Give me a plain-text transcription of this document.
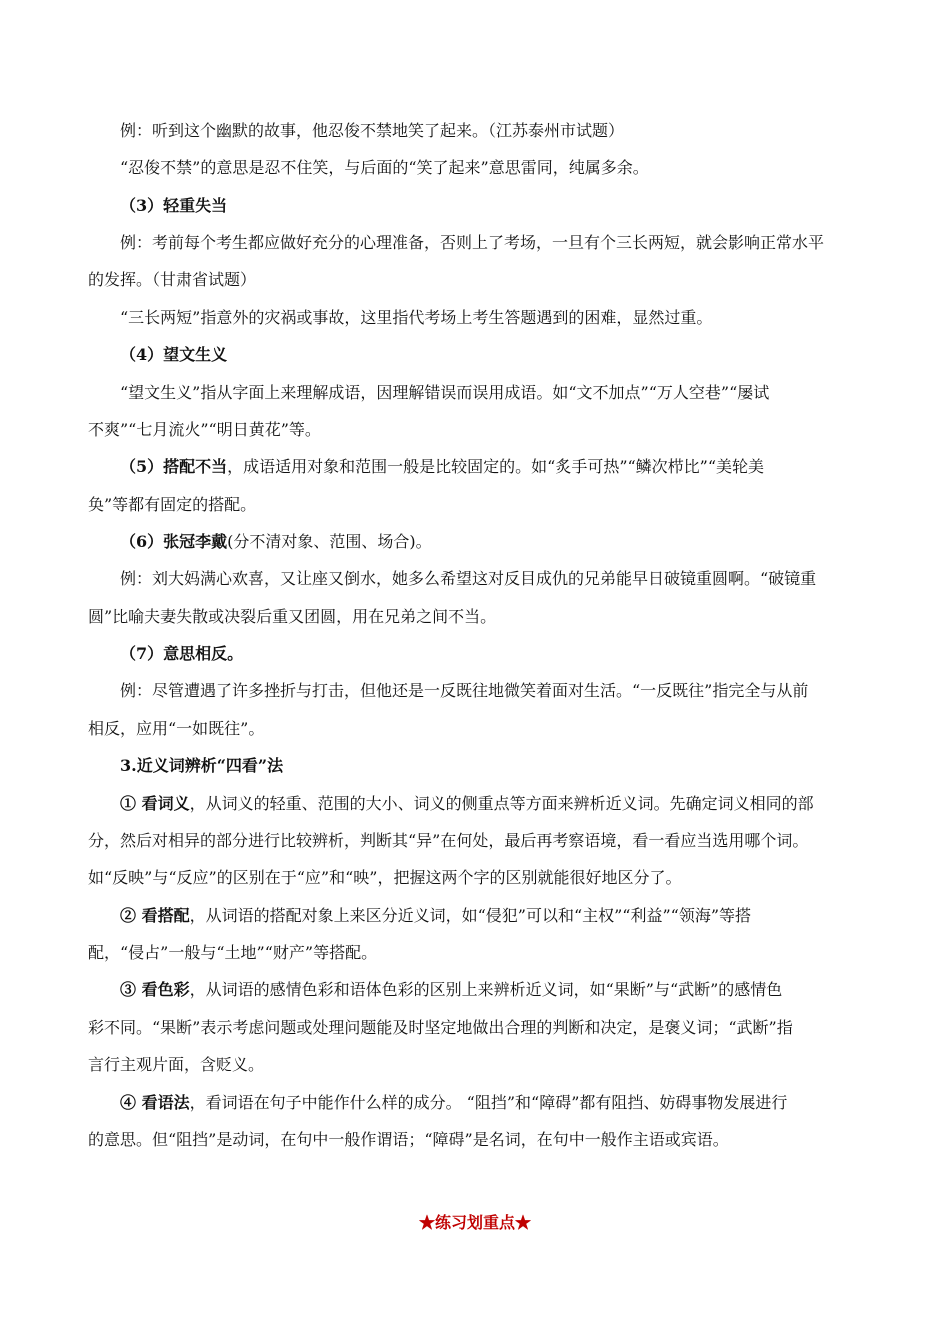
例：听到这个幽默的故事，他忍俊不禁地笑了起来。（江苏泰州市试题）

“忍俊不禁”的意思是忍不住笑，与后面的“笑了起来”意思雷同，纯属多余。

（3）轻重失当

例：考前每个考生都应做好充分的心理准备，否则上了考场，一旦有个三长两短，就会影响正常水平

的发挥。（甘肃省试题）

“三长两短”指意外的灾祸或事故，这里指代考场上考生答题遇到的困难，显然过重。

（4）望文生义

“望文生义”指从字面上来理解成语，因理解错误而误用成语。如“文不加点”“万人空巷”“屡试

不爽”“七月流火”“明日黄花”等。

（5）搭配不当，成语适用对象和范围一般是比较固定的。如“炙手可热”“鳞次栉比”“美轮美

奂”等都有固定的搭配。

（6）张冠李戴(分不清对象、范围、场合)。

例：刘大妈满心欢喜，又让座又倒水，她多么希望这对反目成仇的兄弟能早日破镜重圆啊。“破镜重

圆”比喻夫妻失散或决裂后重又团圆，用在兄弟之间不当。

（7）意思相反。

例：尽管遭遇了许多挫折与打击，但他还是一反既往地微笑着面对生活。“一反既往”指完全与从前

相反，应用“一如既往”。

3.近义词辨析“四看”法

① 看词义，从词义的轻重、范围的大小、词义的侧重点等方面来辨析近义词。先确定词义相同的部

分，然后对相异的部分进行比较辨析，判断其“异”在何处，最后再考察语境，看一看应当选用哪个词。

如“反映”与“反应”的区别在于“应”和“映”，把握这两个字的区别就能很好地区分了。

② 看搭配，从词语的搭配对象上来区分近义词，如“侵犯”可以和“主权”“利益”“领海”等搭

配，“侵占”一般与“土地”“财产”等搭配。

③ 看色彩，从词语的感情色彩和语体色彩的区别上来辨析近义词，如“果断”与“武断”的感情色

彩不同。“果断”表示考虑问题或处理问题能及时坚定地做出合理的判断和决定，是褒义词；“武断”指

言行主观片面，含贬义。

④ 看语法，看词语在句子中能作什么样的成分。 “阻挡”和“障碍”都有阻挡、妨碍事物发展进行

的意思。但“阻挡”是动词，在句中一般作谓语；“障碍”是名词，在句中一般作主语或宾语。

★练习划重点★
